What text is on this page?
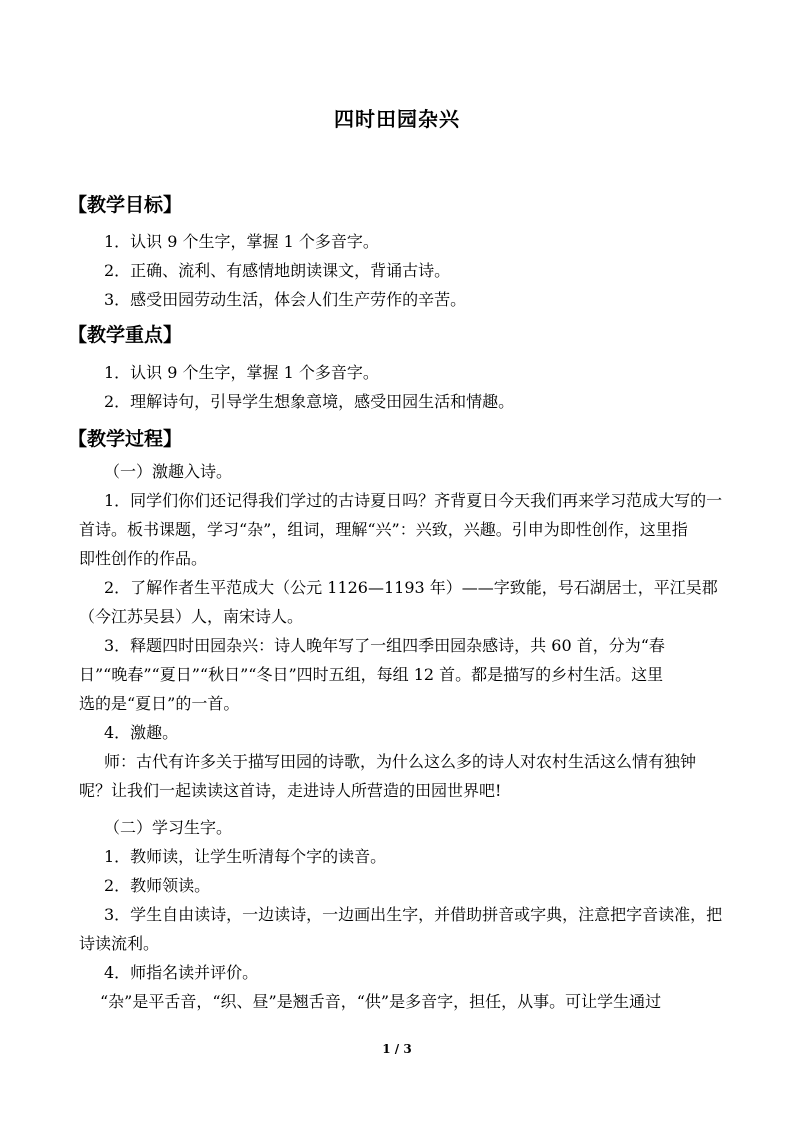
四时田园杂兴
【教学目标】
1．认识 9 个生字，掌握 1 个多音字。
2．正确、流利、有感情地朗读课文，背诵古诗。
3．感受田园劳动生活，体会人们生产劳作的辛苦。
【教学重点】
1．认识 9 个生字，掌握 1 个多音字。
2．理解诗句，引导学生想象意境，感受田园生活和情趣。
【教学过程】
（一）激趣入诗。
1．同学们你们还记得我们学过的古诗夏日吗？齐背夏日今天我们再来学习范成大写的一
首诗。板书课题，学习“杂”，组词，理解“兴”：兴致，兴趣。引申为即性创作，这里指
即性创作的作品。
2．了解作者生平范成大（公元 1126—1193 年）——字致能，号石湖居士，平江吴郡
（今江苏吴县）人，南宋诗人。
3．释题四时田园杂兴：诗人晚年写了一组四季田园杂感诗，共 60 首，分为“春
日”“晚春”“夏日”“秋日”“冬日”四时五组，每组 12 首。都是描写的乡村生活。这里
选的是“夏日”的一首。
4．激趣。
师：古代有许多关于描写田园的诗歌，为什么这么多的诗人对农村生活这么情有独钟
呢？让我们一起读读这首诗，走进诗人所营造的田园世界吧!
（二）学习生字。
1．教师读，让学生听清每个字的读音。
2．教师领读。
3．学生自由读诗，一边读诗，一边画出生字，并借助拼音或字典，注意把字音读准，把
诗读流利。
4．师指名读并评价。
“杂”是平舌音，“织、昼”是翘舌音，“供”是多音字，担任，从事。可让学生通过
1 / 3
